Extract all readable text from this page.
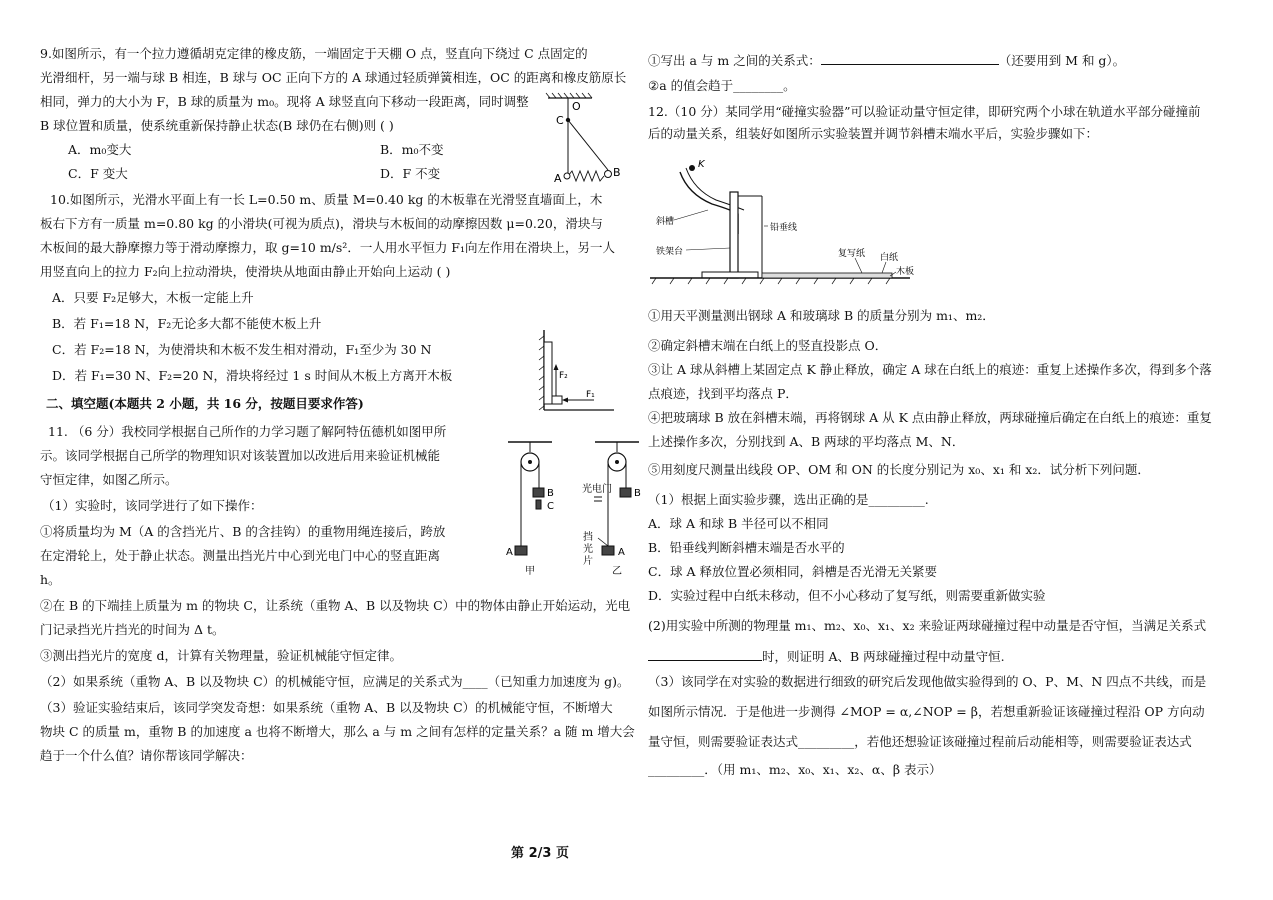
9.如图所示，有一个拉力遵循胡克定律的橡皮筋，一端固定于天棚 O 点，竖直向下绕过 C 点固定的
光滑细杆，另一端与球 B 相连，B 球与 OC 正向下方的 A 球通过轻质弹簧相连，OC 的距离和橡皮筋原长
相同，弹力的大小为 F，B 球的质量为 m₀。现将 A 球竖直向下移动一段距离，同时调整
B 球位置和质量，使系统重新保持静止状态(B 球仍在右侧)则 ( )
A．m₀变大	B．m₀不变
C．F 变大	D．F 不变
10.如图所示，光滑水平面上有一长 L=0.50 m、质量 M=0.40 kg 的木板靠在光滑竖直墙面上，木
板右下方有一质量 m=0.80 kg 的小滑块(可视为质点)，滑块与木板间的动摩擦因数 μ=0.20，滑块与
木板间的最大静摩擦力等于滑动摩擦力，取 g=10 m/s²．一人用水平恒力 F₁向左作用在滑块上，另一人
用竖直向上的拉力 F₂向上拉动滑块，使滑块从地面由静止开始向上运动 ( )
A．只要 F₂足够大，木板一定能上升
B．若 F₁=18 N，F₂无论多大都不能使木板上升
C．若 F₂=18 N，为使滑块和木板不发生相对滑动，F₁至少为 30 N
D．若 F₁=30 N、F₂=20 N，滑块将经过 1 s 时间从木板上方离开木板
二、填空题(本题共 2 小题，共 16 分，按题目要求作答)
11. （6 分）我校同学根据自己所作的力学习题了解阿特伍德机如图甲所
示。该同学根据自己所学的物理知识对该装置加以改进后用来验证机械能
守恒定律，如图乙所示。
（1）实验时，该同学进行了如下操作：
①将质量均为 M（A 的含挡光片、B 的含挂钩）的重物用绳连接后，跨放
在定滑轮上，处于静止状态。测量出挡光片中心到光电门中心的竖直距离
h。
②在 B 的下端挂上质量为 m 的物块 C，让系统（重物 A、B 以及物块 C）中的物体由静止开始运动，光电
门记录挡光片挡光的时间为 Δ t。
③测出挡光片的宽度 d，计算有关物理量，验证机械能守恒定律。
（2）如果系统（重物 A、B 以及物块 C）的机械能守恒，应满足的关系式为____（已知重力加速度为 g)。
（3）验证实验结束后，该同学突发奇想：如果系统（重物 A、B 以及物块 C）的机械能守恒，不断增大
物块 C 的质量 m，重物 B 的加速度 a 也将不断增大，那么 a 与 m 之间有怎样的定量关系？a 随 m 增大会
趋于一个什么值？请你帮该同学解决：
O
C
A	B
F₂
F₁
B
C
A
甲
光电门 B
A
挡
光
片
乙
①写出 a 与 m 之间的关系式：	（还要用到 M 和 g）。
②a 的值会趋于________。
12.（10 分）某同学用“碰撞实验器”可以验证动量守恒定律，即研究两个小球在轨道水平部分碰撞前
后的动量关系，组装好如图所示实验装置并调节斜槽末端水平后，实验步骤如下：
K
斜槽
铁架台
铅垂线
复写纸 白纸
木板
①用天平测量测出钢球 A 和玻璃球 B 的质量分别为 m₁、m₂．
②确定斜槽末端在白纸上的竖直投影点 O．
③让 A 球从斜槽上某固定点 K 静止释放，确定 A 球在白纸上的痕迹：重复上述操作多次，得到多个落
点痕迹，找到平均落点 P．
④把玻璃球 B 放在斜槽末端，再将钢球 A 从 K 点由静止释放，两球碰撞后确定在白纸上的痕迹：重复
上述操作多次，分别找到 A、B 两球的平均落点 M、N．
⑤用刻度尺测量出线段 OP、OM 和 ON 的长度分别记为 x₀、x₁ 和 x₂．试分析下列问题．
（1）根据上面实验步骤，选出正确的是_________.
A．球 A 和球 B 半径可以不相同
B．铅垂线判断斜槽末端是否水平的
C．球 A 释放位置必须相同，斜槽是否光滑无关紧要
D．实验过程中白纸未移动，但不小心移动了复写纸，则需要重新做实验
(2)用实验中所测的物理量 m₁、m₂、x₀、x₁、x₂ 来验证两球碰撞过程中动量是否守恒，当满足关系式
时，则证明 A、B 两球碰撞过程中动量守恒.
（3）该同学在对实验的数据进行细致的研究后发现他做实验得到的 O、P、M、N 四点不共线，而是
如图所示情况．于是他进一步测得 ∠MOP = α,∠NOP = β，若想重新验证该碰撞过程沿 OP 方向动
量守恒，则需要验证表达式_________，若他还想验证该碰撞过程前后动能相等，则需要验证表达式
_________．（用 m₁、m₂、x₀、x₁、x₂、α、β 表示）
第 2/3 页
